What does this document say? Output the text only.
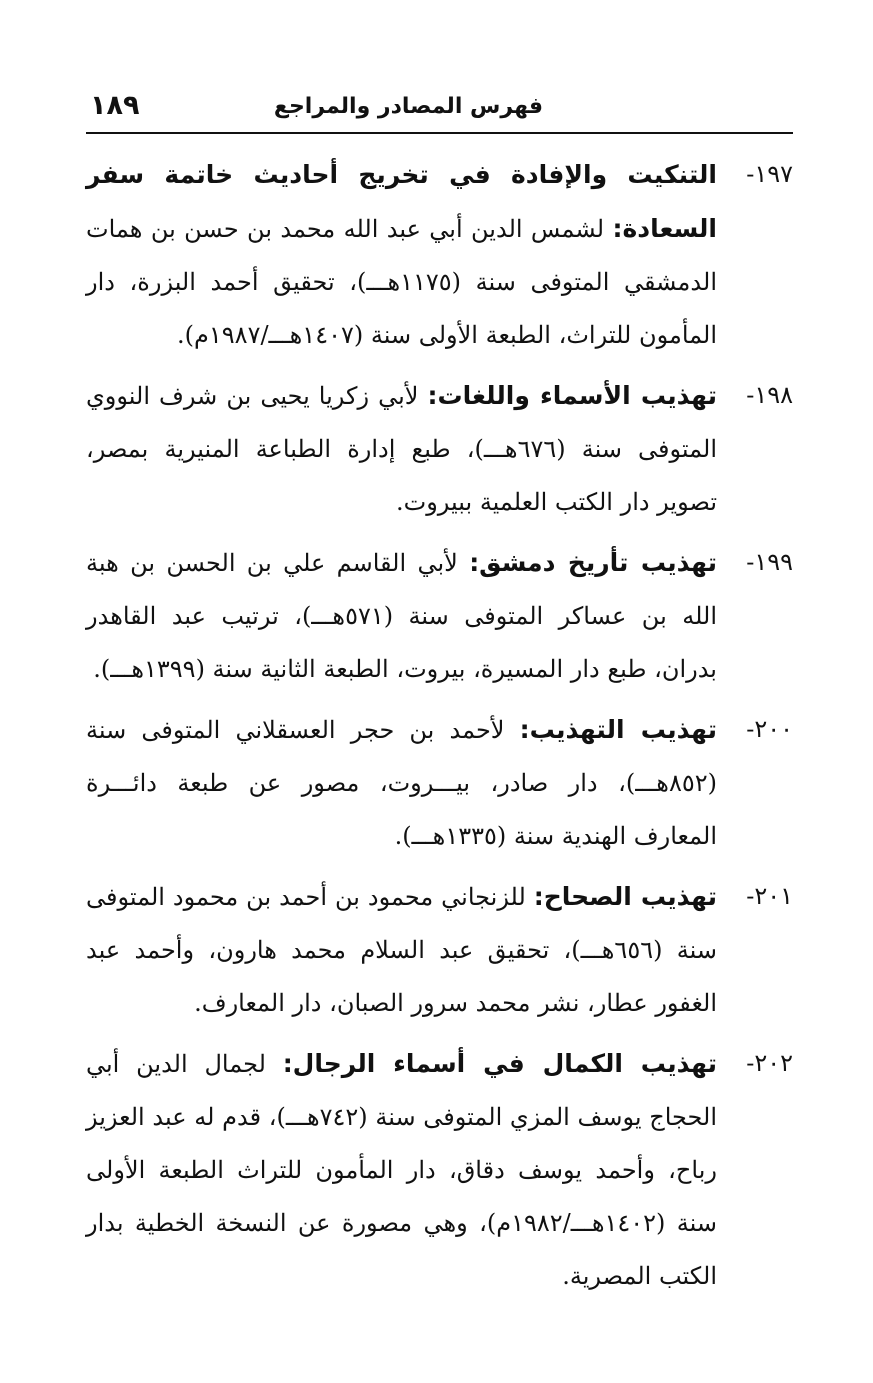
فهرس المصادر والمراجع
١٨٩
١٩٧-
التنكيت والإفادة في تخريج أحاديث خاتمة سفر السعادة: لشمس الدين أبي عبد الله محمد بن حسن بن همات الدمشقي المتوفى سنة (١١٧٥هـــ)، تحقيق أحمد البزرة، دار المأمون للتراث، الطبعة الأولى سنة (١٤٠٧هـــ/١٩٨٧م).
١٩٨-
تهذيب الأسماء واللغات: لأبي زكريا يحيى بن شرف النووي المتوفى سنة (٦٧٦هـــ)، طبع إدارة الطباعة المنيرية بمصر، تصوير دار الكتب العلمية ببيروت.
١٩٩-
تهذيب تأريخ دمشق: لأبي القاسم علي بن الحسن بن هبة الله بن عساكر المتوفى سنة (٥٧١هـــ)، ترتيب عبد القاهدر بدران، طبع دار المسيرة، بيروت، الطبعة الثانية سنة (١٣٩٩هـــ).
٢٠٠-
تهذيب التهذيب: لأحمد بن حجر العسقلاني المتوفى سنة (٨٥٢هـــ)، دار صادر، بيـــروت، مصور عن طبعة دائـــرة المعارف الهندية سنة (١٣٣٥هـــ).
٢٠١-
تهذيب الصحاح: للزنجاني محمود بن أحمد بن محمود المتوفى سنة (٦٥٦هـــ)، تحقيق عبد السلام محمد هارون، وأحمد عبد الغفور عطار، نشر محمد سرور الصبان، دار المعارف.
٢٠٢-
تهذيب الكمال في أسماء الرجال: لجمال الدين أبي الحجاج يوسف المزي المتوفى سنة (٧٤٢هـــ)، قدم له عبد العزيز رباح، وأحمد يوسف دقاق، دار المأمون للتراث الطبعة الأولى سنة (١٤٠٢هـــ/١٩٨٢م)، وهي مصورة عن النسخة الخطية بدار الكتب المصرية.
